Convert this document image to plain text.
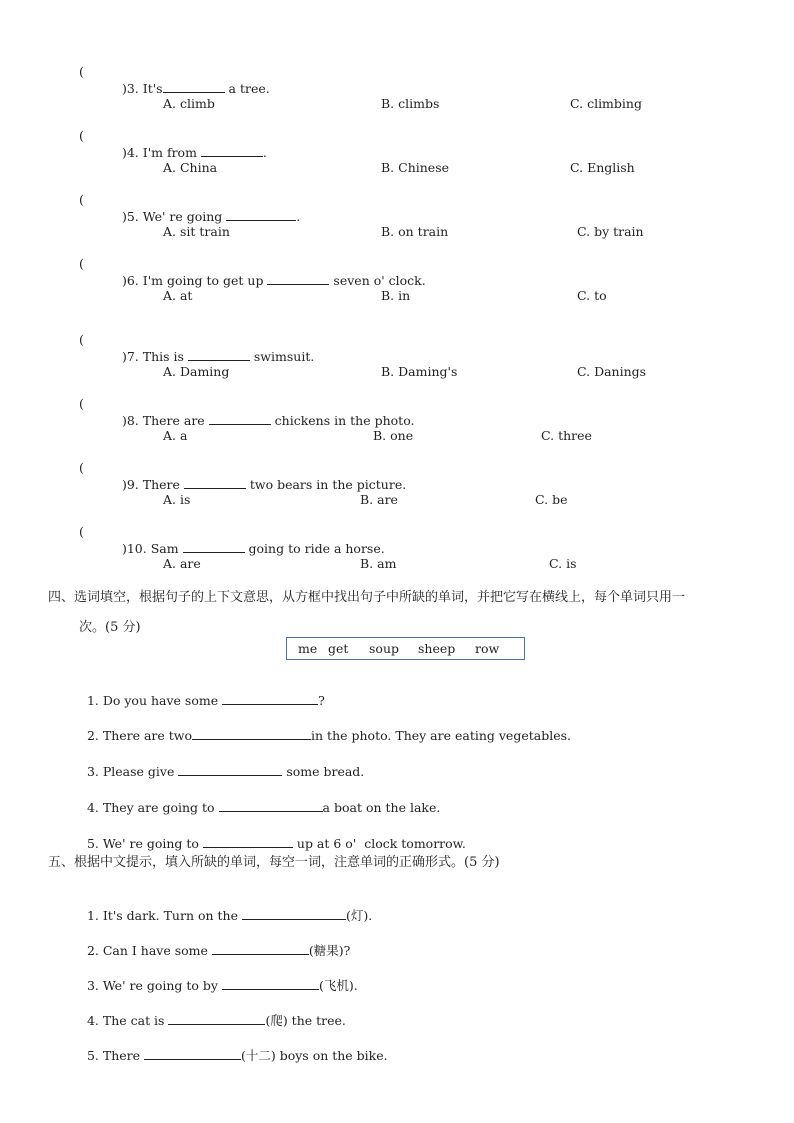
(

)3. It's	a tree.

A. climb	B. climbs	C. climbing
(

)4. I'm from	.

A. China	B. Chinese	C. English
(

)5. We' re going	.

A. sit train	B. on train	C. by train
(

)6. I'm going to get up	seven o' clock.

A. at	B. in	C. to
(

)7. This is	swimsuit.

A. Daming	B. Daming's	C. Danings
(

)8. There are	chickens in the photo.

A. a	B. one	C. three
(

)9. There	two bears in the picture.

A. is	B. are	C. be
(

)10. Sam	going to ride a horse.

A. are	B. am	C. is
四、选词填空，根据句子的上下文意思，从方框中找出句子中所缺的单词，并把它写在横线上，每个单词只用一
次。(5 分)
me get soup sheep row

1. Do you have some	?

2. There are two	in the photo. They are eating vegetables.

3. Please give	some bread.

4. They are going to	a boat on the lake.

5. We' re going to	up at 6 o'  clock tomorrow.

五、根据中文提示，填入所缺的单词，每空一词，注意单词的正确形式。(5 分)

1. It's dark. Turn on the	(灯).

2. Can I have some	(糖果)?

3. We' re going to by	(飞机).

4. The cat is	(爬) the tree.

5. There	(十二) boys on the bike.
